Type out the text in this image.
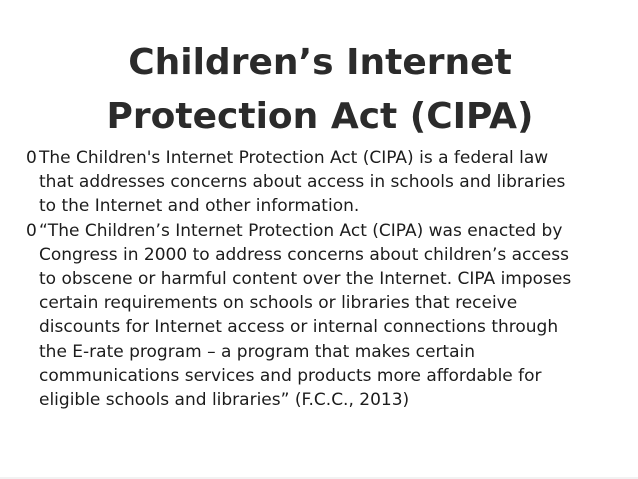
Children’s Internet
Protection Act (CIPA)
0 The Children's Internet Protection Act (CIPA) is a federal law
that addresses concerns about access in schools and libraries
to the Internet and other information.
0 “The Children’s Internet Protection Act (CIPA) was enacted by
Congress in 2000 to address concerns about children’s access
to obscene or harmful content over the Internet. CIPA imposes
certain requirements on schools or libraries that receive
discounts for Internet access or internal connections through
the E-rate program – a program that makes certain
communications services and products more affordable for
eligible schools and libraries” (F.C.C., 2013)
